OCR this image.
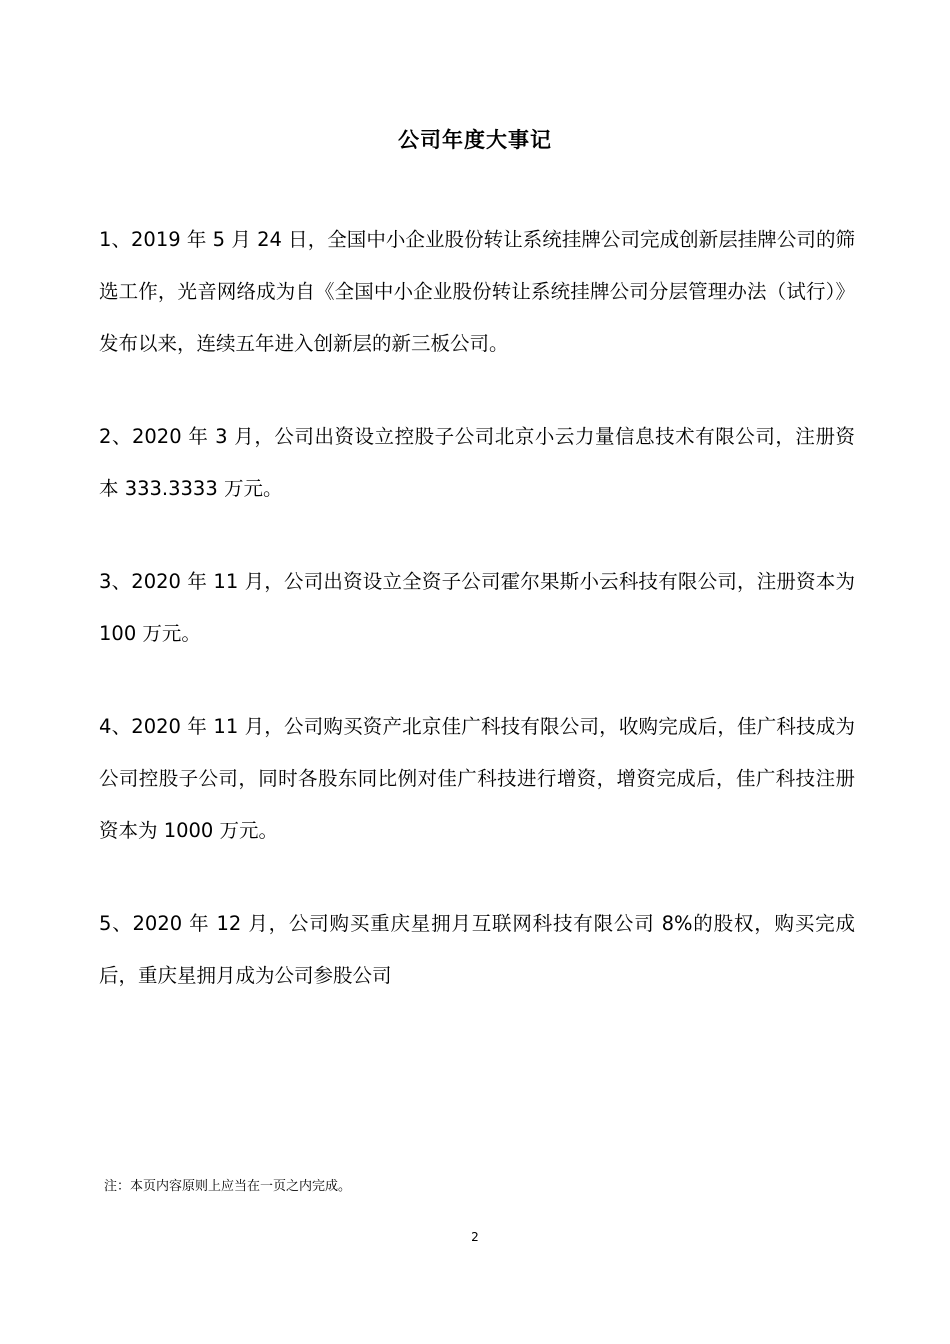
公司年度大事记

1、2019 年 5 月 24 日，全国中小企业股份转让系统挂牌公司完成创新层挂牌公司的筛选工作，光音网络成为自《全国中小企业股份转让系统挂牌公司分层管理办法（试行）》发布以来，连续五年进入创新层的新三板公司。

2、2020 年 3 月，公司出资设立控股子公司北京小云力量信息技术有限公司，注册资本 333.3333 万元。

3、2020 年 11 月，公司出资设立全资子公司霍尔果斯小云科技有限公司，注册资本为 100 万元。

4、2020 年 11 月，公司购买资产北京佳广科技有限公司，收购完成后，佳广科技成为公司控股子公司，同时各股东同比例对佳广科技进行增资，增资完成后，佳广科技注册资本为 1000 万元。

5、2020 年 12 月，公司购买重庆星拥月互联网科技有限公司 8%的股权，购买完成后，重庆星拥月成为公司参股公司

注：本页内容原则上应当在一页之内完成。
2
